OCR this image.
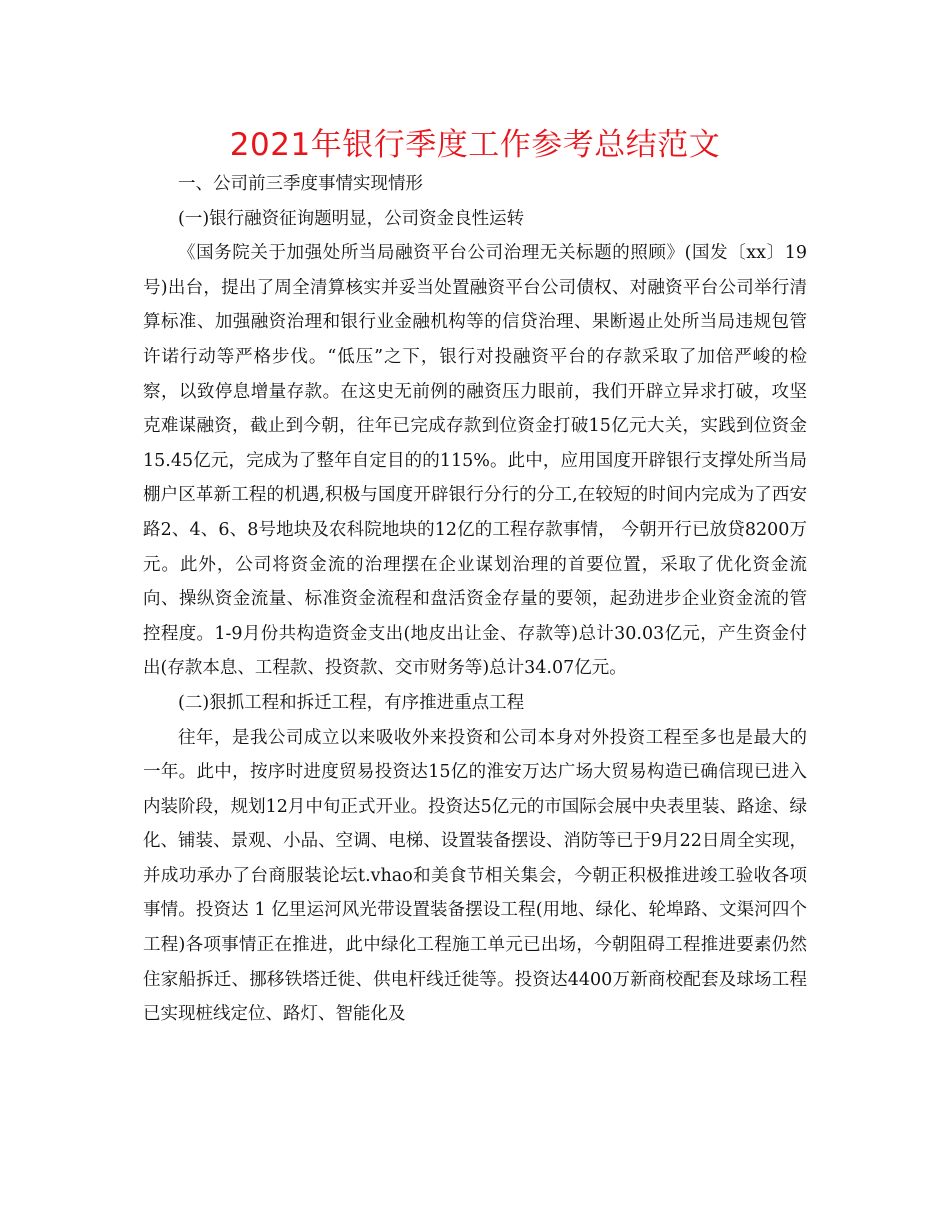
2021年银行季度工作参考总结范文

一、公司前三季度事情实现情形

(一)银行融资征询题明显，公司资金良性运转

《国务院关于加强处所当局融资平台公司治理无关标题的照顾》(国发〔xx〕19号)出台，提出了周全清算核实并妥当处置融资平台公司债权、对融资平台公司举行清算标准、加强融资治理和银行业金融机构等的信贷治理、果断遏止处所当局违规包管许诺行动等严格步伐。“低压”之下，银行对投融资平台的存款采取了加倍严峻的检察，以致停息增量存款。在这史无前例的融资压力眼前，我们开辟立异求打破，攻坚克难谋融资，截止到今朝，往年已完成存款到位资金打破15亿元大关，实践到位资金15.45亿元，完成为了整年自定目的的115%。此中，应用国度开辟银行支撑处所当局棚户区革新工程的机遇,积极与国度开辟银行分行的分工,在较短的时间内完成为了西安路2、4、6、8号地块及农科院地块的12亿的工程存款事情， 今朝开行已放贷8200万元。此外，公司将资金流的治理摆在企业谋划治理的首要位置，采取了优化资金流向、操纵资金流量、标准资金流程和盘活资金存量的要领，起劲进步企业资金流的管控程度。1-9月份共构造资金支出(地皮出让金、存款等)总计30.03亿元，产生资金付出(存款本息、工程款、投资款、交市财务等)总计34.07亿元。

(二)狠抓工程和拆迁工程，有序推进重点工程

往年，是我公司成立以来吸收外来投资和公司本身对外投资工程至多也是最大的一年。此中，按序时进度贸易投资达15亿的淮安万达广场大贸易构造已确信现已进入内装阶段，规划12月中旬正式开业。投资达5亿元的市国际会展中央表里装、路途、绿化、铺装、景观、小品、空调、电梯、设置装备摆设、消防等已于9月22日周全实现，并成功承办了台商服装论坛t.vhao和美食节相关集会，今朝正积极推进竣工验收各项事情。投资达 1 亿里运河风光带设置装备摆设工程(用地、绿化、轮埠路、文渠河四个工程)各项事情正在推进，此中绿化工程施工单元已出场，今朝阻碍工程推进要素仍然住家船拆迁、挪移铁塔迁徙、供电杆线迁徙等。投资达4400万新商校配套及球场工程已实现桩线定位、路灯、智能化及
